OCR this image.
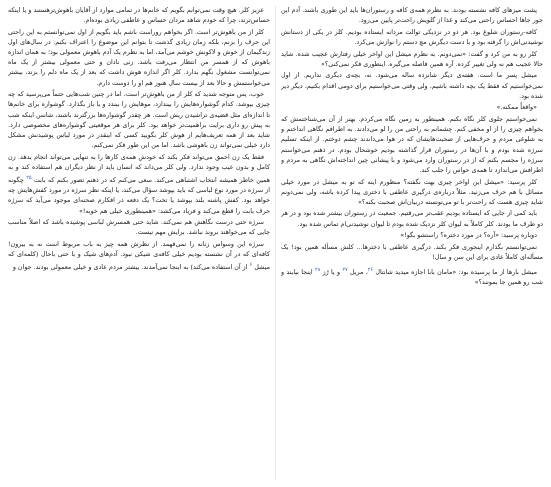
پشت میزهای کافه نشسته بودند. به نظرم همه‌ی کافه و رستوران‌ها باید این طوری باشند. آدم این جور جاها احساس راحتی می‌کند و غذا از گلویش راحت‌تر پایین می‌رود.

کافه-رستوران شلوغ بود. هر دو در نزدیکی توالت مردانه ایستاده بودیم. کلر در یکی از دستانش نوشیدنی‌اش را گرفته بود و با دست دیگرش مچ دستم را نوازش می‌کرد.

کلر رو به من کرد و گفت: «نمی‌دونم. به نظرم میشل این اواخر خیلی رفتارش عجیب شده. شاید حالا عجیب هم نه ولی تغییر کرده. آره همین فاصله می‌گیره. اینطوری فکر نمی‌کنی؟»

میشل پسر ما است. هفته‌ی دیگر شانزده ساله می‌شود. نه، بچه‌ی دیگری نداریم. از اول نمی‌خواستیم که فقط یک بچه داشته باشیم، ولی وقتی می‌خواستیم برای دومی اقدام بکنیم، دیگر دیر شده بود.

«واقعاً ممکنه.»

نمی‌خواستم جلوی کلر نگاه بکنم. همینطور به زمین نگاه می‌کردم. بهتر از آن می‌شناختمش که بخواهم چیزی را از او مخفی کنم. چشمانم به راحتی من را لو می‌دادند. به اطرافم نگاهی انداختم و به شلوغی مردم و حرف‌هایی از صحبت‌هایشان که در هوا می‌داندند چشم دوختم. از اینکه تسلیم سرژه شده بودم و با آن‌ها در رستوران قرار گذاشته بودیم خوشحال بودم. در ذهنم می‌خواستم سرژه را مجسم بکنم که از در رستوران وارد می‌شود و با پیشانی چین انداخته‌اش نگاهی به مردم و اطرافش می‌اندازد تا همه‌ی حواس را جلب کند.

کلر پرسید: «میشل این اواخر چیزی بهت نگفته؟ منظورم اینه که تو به میشل در مورد خیلی مسائل با هم حرف می‌زنید. مثلاً درباره‌ی درگیری عاطفی با دختری پیدا کرده باشه، ولی نمی‌دونم شاید چیزی هست که راحت‌تر با تو می‌تونسته دربیان‌اش صحبت بکنه؟»

باید کمی از جایی که ایستاده بودیم عقب‌تر می‌رفتیم. جمعیت در رستوران بیشتر شده بود و در هر دو طرف ما بودند. کلر کاملاً به لیوان کلر نزدیک شده بودم تا لیوان نوشیدنی‌ام تماس شده بود.

دوباره پرسید: «آره؟ در مورد دختره؟ راستشو بگو!»

نمی‌توانستم بگذارم اینجوری فکر بکند. درگیری عاطفی با دخترها... کلش مسأله همین بود! یک مسأله‌ای کاملاً عادی برای این سن و سال!

میشل بارها از ما پرسیده بود: «مامان بابا اجازه میدید شانتال $^{۲۶}$، مریل $^{۲۷}$ و یا رُز $^{۲۸}$ اینجا بیایند و شب رو همین جا بمونند؟»

عزیز کلر. هیچ وقت نمی‌توانم بگویم که خانم‌ها در تمامی موارد از آقایان باهوش‌ترهستند و یا اینکه حساس‌ترند، چرا که خودم شاهد مردان حساس و عاطفی زیادی بوده‌ام.

کلر از من باهوش‌تر است. اگر بخواهم روراست باشم باید بگویم از اول نمی‌توانستم به این راحتی این حرف را بزنم، بلکه زمان زیادی گذشت تا بتوانم این موضوع را اعتراف بکنم. در سال‌های اول زندگیمان از خوش و لاکونش خوشم می‌آمد، اما به نظرم یک آدم باهوش معمولی بود؛ به همان اندازه باهوش که از همسر من انتظار می‌رفت باشد. زنی نادان و حتی معمولی بیشتر از یک ماه نمی‌توانست مشغول نگهم بدارد. کلر اگر اندازه هوش داشت که بعد از یک ماه دلم را بزند، بیشتر می‌خواستمش و حالا بعد از بیست سال هنوز هم او را دوست دارم.

خوب، پس متوجه شدید که کلر از من باهوش‌تر است، اما در چنین شب‌هایی حتماً می‌پرسید که چه چیزی بپوشد. کدام گوشواره‌هایش را بیندازد، موهایش را ببندد و یا باز بگذارد. گوشواره برای خانم‌ها تا اندازه‌ای مثل قضیه‌ی تراشیدن ریش است. هر چقدر گوشواره‌ها بزرگترند باشند، شانس اینکه شب به پیش رو داری برایت براهمیت‌تر خواهد بود. کلر برای هر موقعیتی گوشواره‌های مخصوصی دارد. شاید بعد از همه تعریف‌هایم از هوش کلر بگویید کسی که اینقدر در مورد لباس پوشیدنش مشکل دارد خیلی نمی‌تواند زن باهوشی باشد. اما من این طور فکر نمی‌کنم.

فقط یک زن احمق می‌تواند فکر بکند که خودش همه‌ی کارها را به تنهایی می‌تواند انجام بدهد. زن کامل و بدون عیب وجود ندارد. ولی کلر می‌داند که انسان باید از نظر دیگران هم استفاده کند و به همین خاطر همیشه انتخاب اشتباهی می‌کند. سعی می‌کنم که در ذهنم تصور بکنم که بابت $^{۲۵}$ چگونه از سرژه در مورد نوع لباسی که باید بپوشد سؤال می‌کند، یا اینکه نظر سرژه در مورد کفش‌هایش چه خواهد بود. کفش پاشنه بلند بپوشد یا تخت؟ یک دفعه در افکارم صحنه‌ای موجود می‌آید که سرژه حرف بابت را قطع می‌کند و فریاد می‌کشد: «همینطوری خیلی هم خوبه!»

سرژه حتی درست نگاهش هم نمی‌کند. شاید حتی همسرش لباسی پوشیده باشد که اصلاً مناسب جایی که می‌خواهند بروند نباشد. برایش مهم نیست.

سرژه این وسواس زنانه را نمی‌فهمد. از نظرش همه چیز به باب مربوط است نه به بیرون! کافه‌ای که در آن نشسته بودیم خیلی کافه‌ی شیکی نبود. آدم‌های شیک و با حتی باحال (کلمه‌ای که میشل $^۶$ از آن استفاده می‌کند) به اینجا نمی‌آمدند. بیشتر مردم عادی و خیلی معمولی بودند. جوان و
